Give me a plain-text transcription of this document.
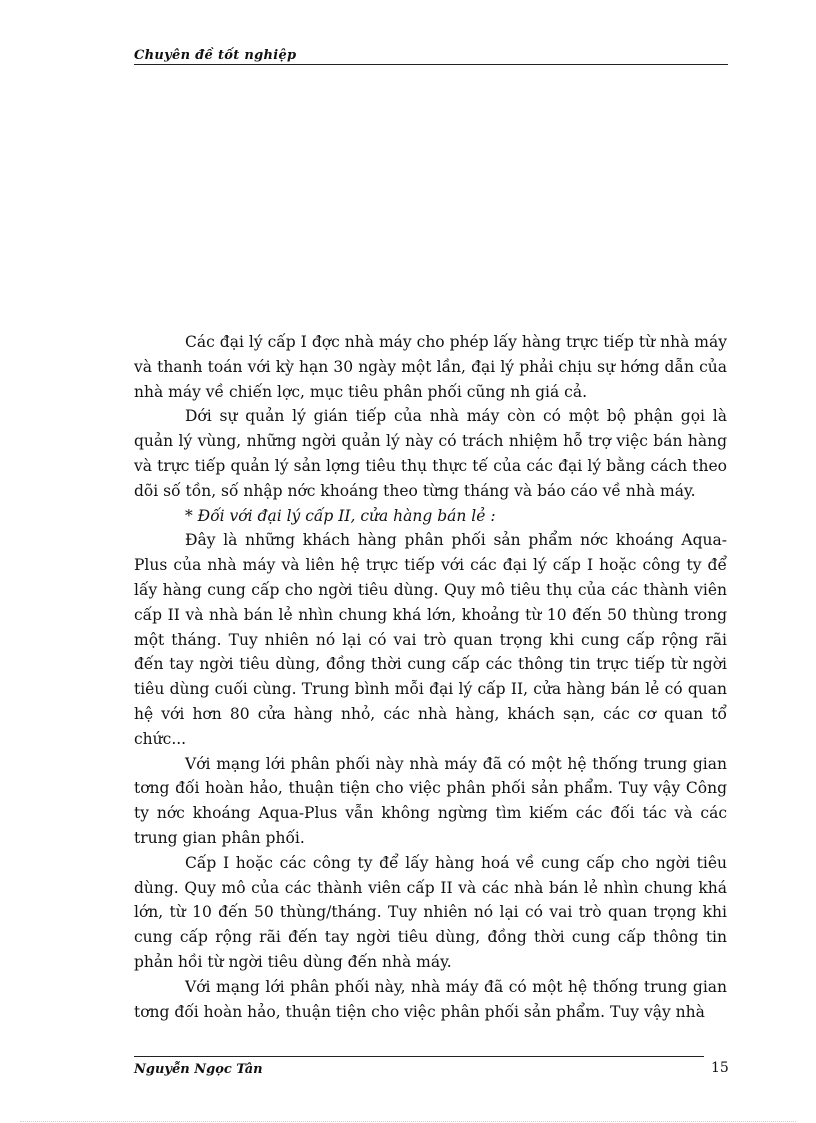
Chuyên đề tốt nghiệp

Các đại lý cấp I đợc nhà máy cho phép lấy hàng trực tiếp từ nhà máy và thanh toán với kỳ hạn 30 ngày một lần, đại lý phải chịu sự hớng dẫn của nhà máy về chiến lợc, mục tiêu phân phối cũng nh giá cả.

Dới sự quản lý gián tiếp của nhà máy còn có một bộ phận gọi là quản lý vùng, những ngời quản lý này có trách nhiệm hỗ trợ việc bán hàng và trực tiếp quản lý sản lợng tiêu thụ thực tế của các đại lý bằng cách theo dõi số tồn, số nhập nớc khoáng theo từng tháng và báo cáo về nhà máy.

* Đối với đại lý cấp II, cửa hàng bán lẻ :

Đây là những khách hàng phân phối sản phẩm nớc khoáng Aqua-Plus của nhà máy và liên hệ trực tiếp với các đại lý cấp I hoặc công ty để lấy hàng cung cấp cho ngời tiêu dùng. Quy mô tiêu thụ của các thành viên cấp II và nhà bán lẻ nhìn chung khá lớn, khoảng từ 10 đến 50 thùng trong một tháng. Tuy nhiên nó lại có vai trò quan trọng khi cung cấp rộng rãi đến tay ngời tiêu dùng, đồng thời cung cấp các thông tin trực tiếp từ ngời tiêu dùng cuối cùng. Trung bình mỗi đại lý cấp II, cửa hàng bán lẻ có quan hệ với hơn 80 cửa hàng nhỏ, các nhà hàng, khách sạn, các cơ quan tổ chức...

Với mạng lới phân phối này nhà máy đã có một hệ thống trung gian tơng đối hoàn hảo, thuận tiện cho việc phân phối sản phẩm. Tuy vậy Công ty nớc khoáng Aqua-Plus vẫn không ngừng tìm kiếm các đối tác và các trung gian phân phối.

Cấp I hoặc các công ty để lấy hàng hoá về cung cấp cho ngời tiêu dùng. Quy mô của các thành viên cấp II và các nhà bán lẻ nhìn chung khá lớn, từ 10 đến 50 thùng/tháng. Tuy nhiên nó lại có vai trò quan trọng khi cung cấp rộng rãi đến tay ngời tiêu dùng, đồng thời cung cấp thông tin phản hồi từ ngời tiêu dùng đến nhà máy.

Với mạng lới phân phối này, nhà máy đã có một hệ thống trung gian tơng đối hoàn hảo, thuận tiện cho việc phân phối sản phẩm. Tuy vậy nhà

Nguyễn Ngọc Tân	15
